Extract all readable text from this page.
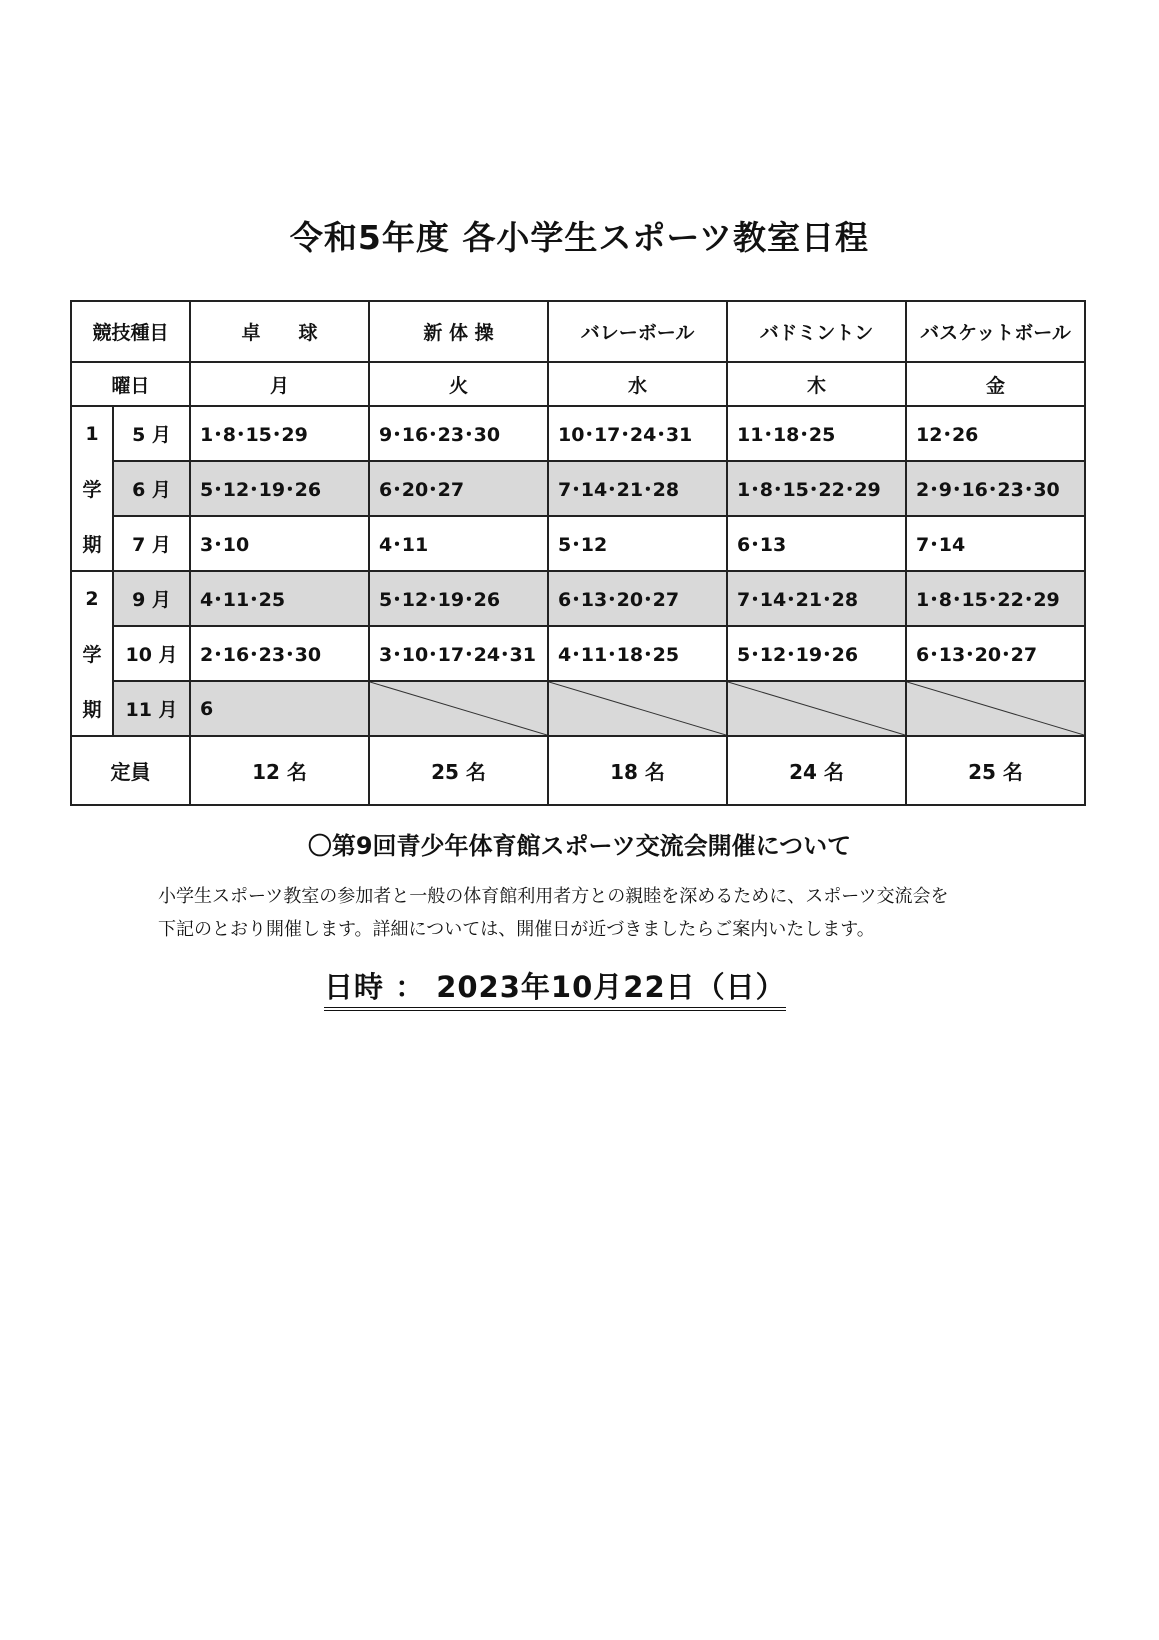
令和5年度 各小学生スポーツ教室日程
競技種目		卓　　球	新 体 操	バレーボール	バドミントン	バスケットボール
曜日		月	火	水	木	金
1	5 月	1･8･15･29	9･16･23･30	10･17･24･31	11･18･25	12･26
学	6 月	5･12･19･26	6･20･27	7･14･21･28	1･8･15･22･29	2･9･16･23･30
期	7 月	3･10	4･11	5･12	6･13	7･14
2	9 月	4･11･25	5･12･19･26	6･13･20･27	7･14･21･28	1･8･15･22･29
学	10 月	2･16･23･30	3･10･17･24･31	4･11･18･25	5･12･19･26	6･13･20･27
期	11 月	6	

定員		12 名	25 名	18 名	24 名	25 名
〇第9回青少年体育館スポーツ交流会開催について

小学生スポーツ教室の参加者と一般の体育館利用者方との親睦を深めるために、スポーツ交流会を
下記のとおり開催します。詳細については、開催日が近づきましたらご案内いたします。

日時 ： 2023年10月22日（日）
